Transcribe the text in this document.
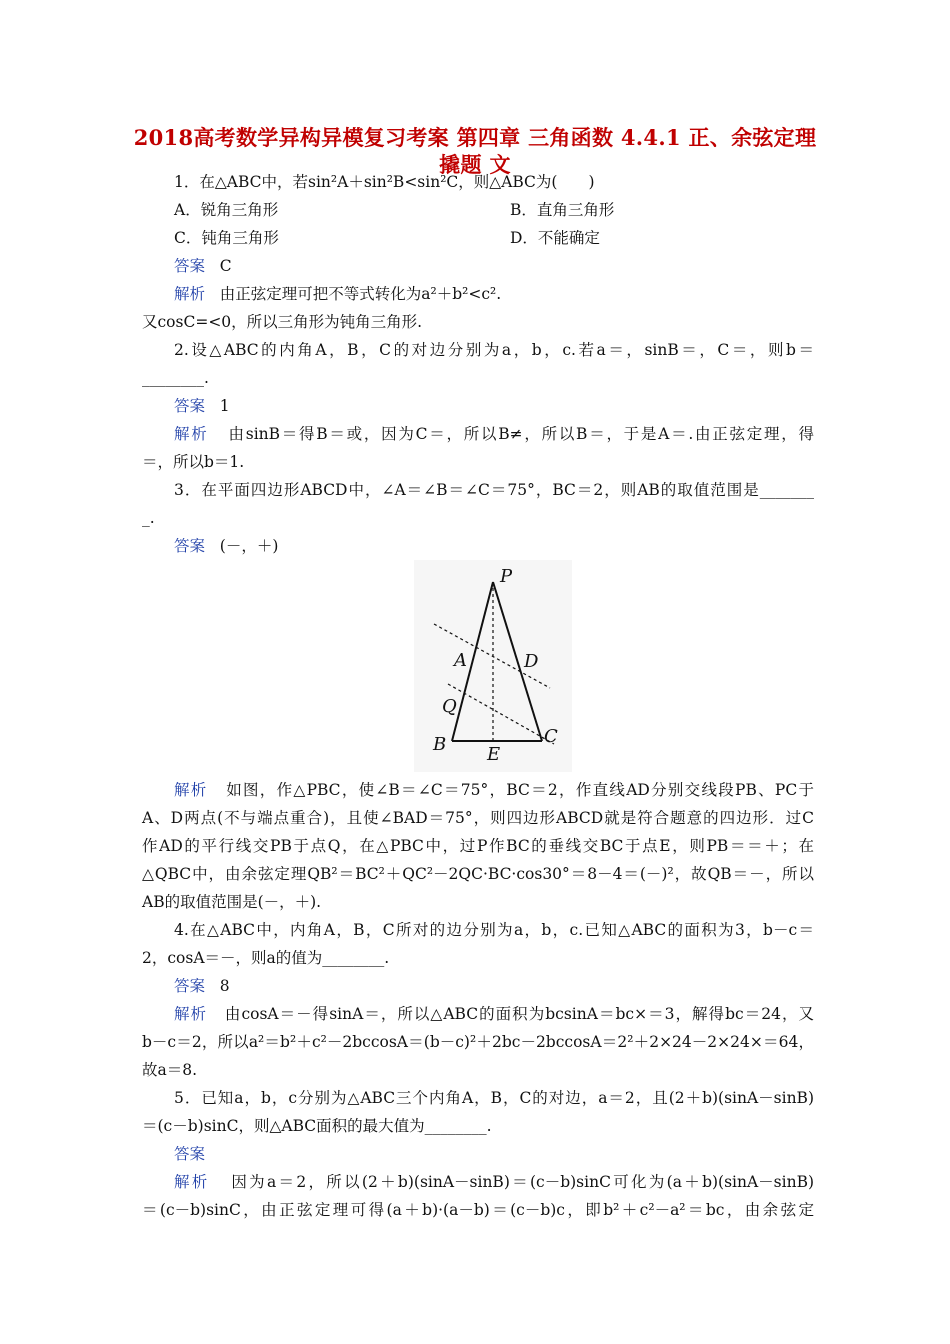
2018高考数学异构异模复习考案 第四章 三角函数 4.4.1 正、余弦定理撬题 文
1．在△ABC中，若sin²A＋sin²B<sin²C，则△ABC为(　　)
A．锐角三角形	B．直角三角形
C．钝角三角形	D．不能确定
答案 C
解析 由正弦定理可把不等式转化为a²＋b²<c².
又cosC=<0，所以三角形为钝角三角形.
2.设△ABC的内角A，B，C的对边分别为a，b，c.若a＝，sinB＝，C＝，则b＝
________.
答案 1
解析 由sinB＝得B＝或，因为C＝，所以B≠，所以B＝，于是A＝.由正弦定理，得
＝，所以b＝1.
3．在平面四边形ABCD中，∠A＝∠B＝∠C＝75°，BC＝2，则AB的取值范围是_______
_.
答案 (－，＋)
P
A	D
Q
B E
C
解析 如图，作△PBC，使∠B＝∠C＝75°，BC＝2，作直线AD分别交线段PB、PC于
A、D两点(不与端点重合)，且使∠BAD＝75°，则四边形ABCD就是符合题意的四边形．过C
作AD的平行线交PB于点Q，在△PBC中，过P作BC的垂线交BC于点E，则PB＝＝＋；在
△QBC中，由余弦定理QB²＝BC²＋QC²－2QC·BC·cos30°＝8－4＝(－)²，故QB＝－，所以
AB的取值范围是(－，＋).
4.在△ABC中，内角A，B，C所对的边分别为a，b，c.已知△ABC的面积为3，b－c＝
2，cosA＝－，则a的值为________.
答案 8
解析 由cosA＝－得sinA＝，所以△ABC的面积为bcsinA＝bc×＝3，解得bc＝24，又
b－c＝2，所以a²＝b²＋c²－2bccosA＝(b－c)²＋2bc－2bccosA＝2²＋2×24－2×24×＝64，
故a＝8.
5．已知a，b，c分别为△ABC三个内角A，B，C的对边，a＝2，且(2＋b)(sinA－sinB)
＝(c－b)sinC，则△ABC面积的最大值为________.
答案
解析 因为a＝2，所以(2＋b)(sinA－sinB)＝(c－b)sinC可化为(a＋b)(sinA－sinB)
＝(c－b)sinC，由正弦定理可得(a＋b)·(a－b)＝(c－b)c，即b²＋c²－a²＝bc，由余弦定
